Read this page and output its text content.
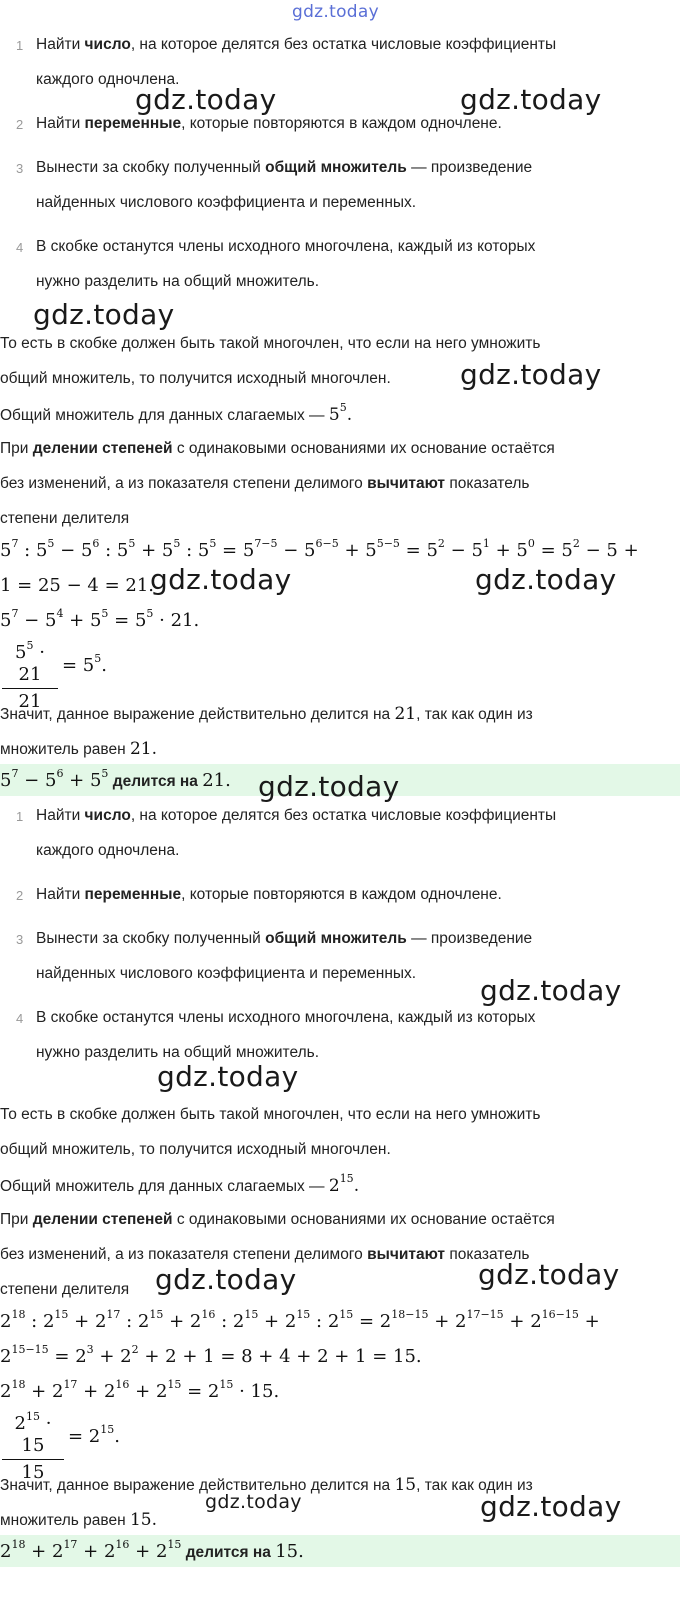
gdz.today
1 Найти число, на которое делятся без остатка числовые коэффициенты
каждого одночлена.
2 Найти переменные, которые повторяются в каждом одночлене.
3 Вынести за скобку полученный общий множитель — произведение
найденных числового коэффициента и переменных.
4 В скобке останутся члены исходного многочлена, каждый из которых
нужно разделить на общий множитель.
То есть в скобке должен быть такой многочлен, что если на него умножить
общий множитель, то получится исходный многочлен.
Общий множитель для данных слагаемых — $5^5$.
При делении степеней с одинаковыми основаниями их основание остаётся
без изменений, а из показателя степени делимого вычитают показатель
степени делителя
$5^7$ : $5^5 - 5^6$ : $5^5 + 5^5$ : $5^5 = 5^{7-5} - 5^{6-5} + 5^{5-5} = 5^2 - 5^1 + 5^0 = 5^2 - 5$ +
1 = 25 − 4 = 21.
$5^7 - 5^4 + 5^5 = 5^5 \cdot 21$.
$5^5 \cdot 21$
21
= $5^5$.
Значит, данное выражение действительно делится на 21, так как один из
множитель равен 21.
$5^7 - 5^6 + 5^5$ делится на 21.
1 Найти число, на которое делятся без остатка числовые коэффициенты
каждого одночлена.
2 Найти переменные, которые повторяются в каждом одночлене.
3 Вынести за скобку полученный общий множитель — произведение
найденных числового коэффициента и переменных.
4 В скобке останутся члены исходного многочлена, каждый из которых
нужно разделить на общий множитель.
То есть в скобке должен быть такой многочлен, что если на него умножить
общий множитель, то получится исходный многочлен.
Общий множитель для данных слагаемых — $2^{15}$.
При делении степеней с одинаковыми основаниями их основание остаётся
без изменений, а из показателя степени делимого вычитают показатель
степени делителя
$2^{18}$ : $2^{15} + 2^{17}$ : $2^{15} + 2^{16}$ : $2^{15} + 2^{15}$ : $2^{15} = 2^{18-15} + 2^{17-15} + 2^{16-15}$ +
$2^{15-15} = 2^3 + 2^2 + 2 + 1 = 8 + 4 + 2 + 1 = 15$.
$2^{18} + 2^{17} + 2^{16} + 2^{15} = 2^{15} \cdot 15$.
$2^{15} \cdot 15$
15
= $2^{15}$.
Значит, данное выражение действительно делится на 15, так как один из
множитель равен 15.
$2^{18} + 2^{17} + 2^{16} + 2^{15}$ делится на 15.
gdz.today	gdz.today
gdz.today
gdz.today
gdz.today	gdz.today
gdz.today
gdz.today
gdz.today
gdz.today	gdz.today
gdz.today	gdz.today
